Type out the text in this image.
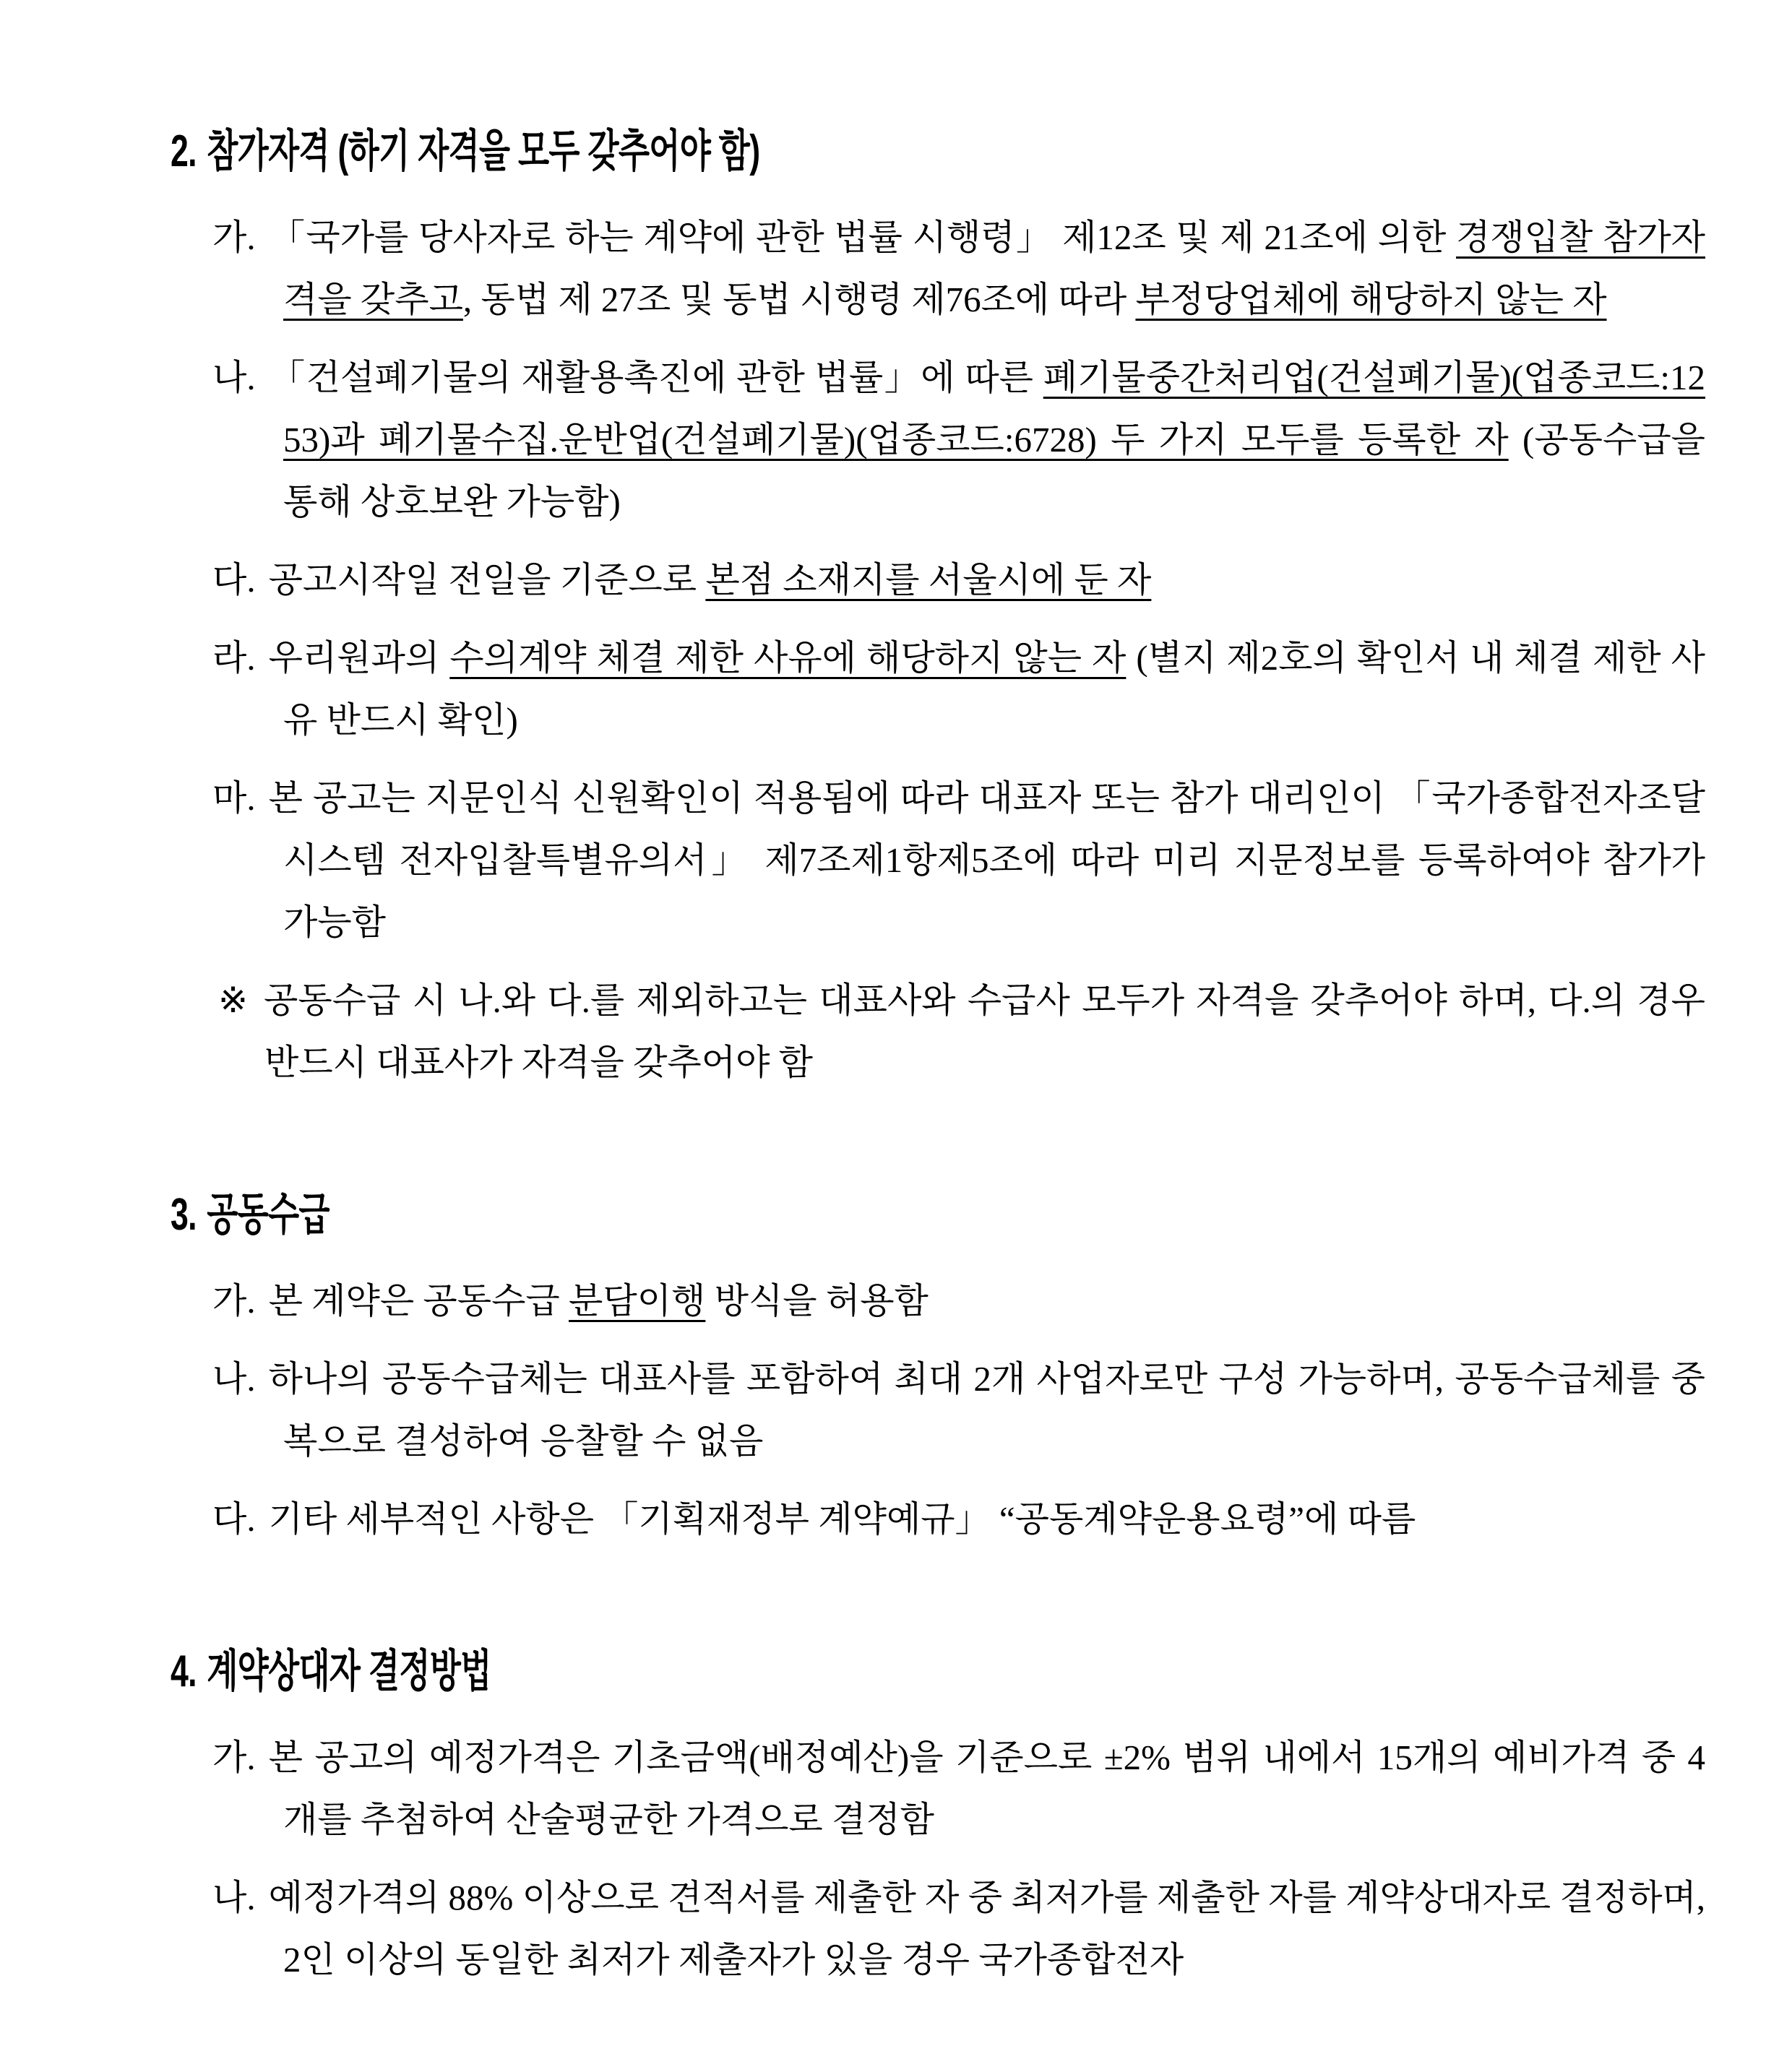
2. 참가자격 (하기 자격을 모두 갖추어야 함)

가. 「국가를 당사자로 하는 계약에 관한 법률 시행령」 제12조 및 제 21조에 의한 경쟁입찰 참가자격을 갖추고, 동법 제 27조 및 동법 시행령 제76조에 따라 부정당업체에 해당하지 않는 자

나. 「건설폐기물의 재활용촉진에 관한 법률」에 따른 폐기물중간처리업(건설폐기물)(업종코드:1253)과 폐기물수집.운반업(건설폐기물)(업종코드:6728) 두 가지 모두를 등록한 자 (공동수급을 통해 상호보완 가능함)

다. 공고시작일 전일을 기준으로 본점 소재지를 서울시에 둔 자

라. 우리원과의 수의계약 체결 제한 사유에 해당하지 않는 자 (별지 제2호의 확인서 내 체결 제한 사유 반드시 확인)

마. 본 공고는 지문인식 신원확인이 적용됨에 따라 대표자 또는 참가 대리인이 「국가종합전자조달시스템 전자입찰특별유의서」 제7조제1항제5조에 따라 미리 지문정보를 등록하여야 참가가 가능함

※ 공동수급 시 나.와 다.를 제외하고는 대표사와 수급사 모두가 자격을 갖추어야 하며, 다.의 경우 반드시 대표사가 자격을 갖추어야 함

3. 공동수급

가. 본 계약은 공동수급 분담이행 방식을 허용함

나. 하나의 공동수급체는 대표사를 포함하여 최대 2개 사업자로만 구성 가능하며, 공동수급체를 중복으로 결성하여 응찰할 수 없음

다. 기타 세부적인 사항은 「기획재정부 계약예규」 “공동계약운용요령”에 따름

4. 계약상대자 결정방법

가. 본 공고의 예정가격은 기초금액(배정예산)을 기준으로 ±2% 범위 내에서 15개의 예비가격 중 4개를 추첨하여 산술평균한 가격으로 결정함

나. 예정가격의 88% 이상으로 견적서를 제출한 자 중 최저가를 제출한 자를 계약상대자로 결정하며, 2인 이상의 동일한 최저가 제출자가 있을 경우 국가종합전자
